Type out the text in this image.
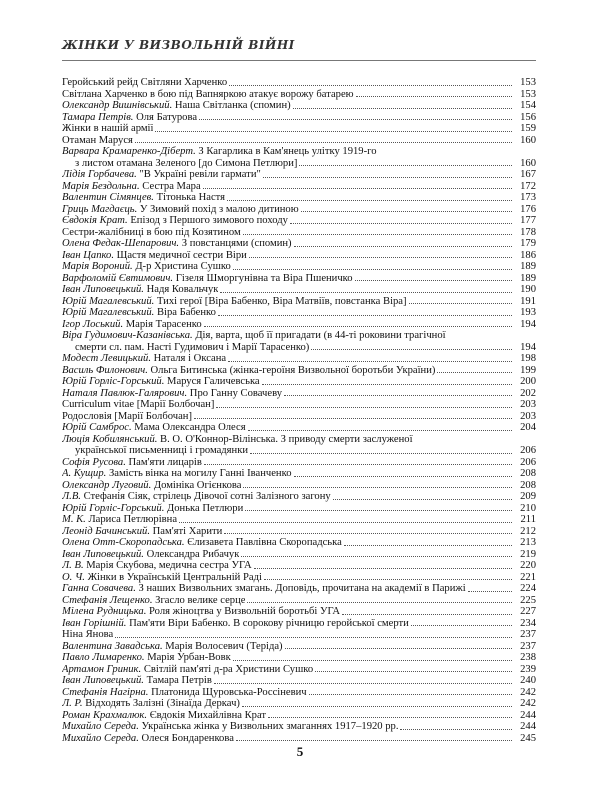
ЖІНКИ У ВИЗВОЛЬНІЙ ВІЙНІ
Геройський рейд Світляни Харченко	153
Світлана Харченко в бою під Вапняркою атакує ворожу батарею	153
Олександр Вишнівський. Наша Світланка (спомин)	154
Тамара Петрів. Оля Батурова	156
Жінки в нашій армії	159
Отаман Маруся	160
Варвара Крамаренко-Діберт. З Кагарлика в Кам'янець улітку 1919-го
з листом отамана Зеленого [до Симона Петлюри]	160
Лідія Горбачева. "В Україні ревіли гармати"	167
Марія Бездольна. Сестра Мара	172
Валентин Сімянцев. Тітонька Настя	173
Гриць Магдаєць. У Зимовий похід з малою дитиною	176
Євдокія Крат. Епізод з Першого зимового походу	177
Сестри-жалібниці в бою під Козятином	178
Олена Федак-Шепарович. З повстанцями (спомин)	179
Іван Цапко. Щастя медичної сестри Віри	186
Марія Вороний. Д-р Христина Сушко	189
Варфоломій Євтимович. Гізеля Шморгунівна та Віра Пшеничко	189
Іван Липовецький. Надя Ковальчук	190
Юрій Магалевський. Тихі герої [Віра Бабенко, Віра Матвіїв, повстанка Віра]	191
Юрій Магалевський. Віра Бабенко	193
Ігор Лоський. Марія Тарасенко	194
Віра Гудимович-Казанівська. Дія, варта, щоб її пригадати (в 44-ті роковини трагічної
смерти сл. пам. Насті Гудимович і Марії Тарасенко)	194
Модест Левицький. Наталя і Оксана	198
Василь Филонович. Ольга Битинська (жінка-героїня Визвольної боротьби України)	199
Юрій Горліс-Горський. Маруся Галичевська	200
Наталя Павлюк-Галярович. Про Ганну Совачеву	202
Curriculum vitae [Марії Болбочан]	203
Родословія [Марії Болбочан]	203
Юрій Самброс. Мама Олександра Олеся	204
Люція Кобилянський. В. О. О'Коннор-Вілінська. З приводу смерти заслуженої
української письменниці і громадянки	206
Софія Русова. Пам'яти лицарів	206
А. Кущир. Замість вінка на могилу Ганні Іванченко	208
Олександр Луговий. Домініка Огієнкова	208
Л.В. Стефанія Сіяк, стрілець Дівочої сотні Залізного загону	209
Юрій Горліс-Горський. Донька Петлюри	210
М. К. Лариса Петлюрівна	211
Леонід Бачинський. Пам'яті Харити	212
Олена Отт-Скоропадська. Єлизавета Павлівна Скоропадська	213
Іван Липовецький. Олександра Рибачук	219
Л. В. Марія Скубова, медична сестра УГА	220
О. Ч. Жінки в Українській Центральній Раді	221
Ганна Совачева. З наших Визвольних змагань. Доповідь, прочитана на академії в Парижі	224
Стефанія Лещенко. Згасло велике серце	225
Мілена Рудницька. Роля жіноцтва у Визвольній боротьбі УГА	227
Іван Горішній. Пам'яти Віри Бабенко. В сорокову річницю геройської смерти	234
Ніна Янова	237
Валентина Завадська. Марія Волосевич (Теріда)	237
Павло Лимаренко. Марія Урбан-Вовк	238
Артамон Гриник. Світлій пам'яті д-ра Христини Сушко	239
Іван Липовецький. Тамара Петрів	240
Стефанія Нагірна. Платонида Щуровська-Россіневич	242
Л. Р. Відходять Залізні (Зінаїда Деркач)	242
Роман Крахмалюк. Євдокія Михайлівна Крат	244
Михайло Середа. Українська жінка у Визвольних змаганнях 1917–1920 рр.	244
Михайло Середа. Олеся Бондаренкова	245
5
